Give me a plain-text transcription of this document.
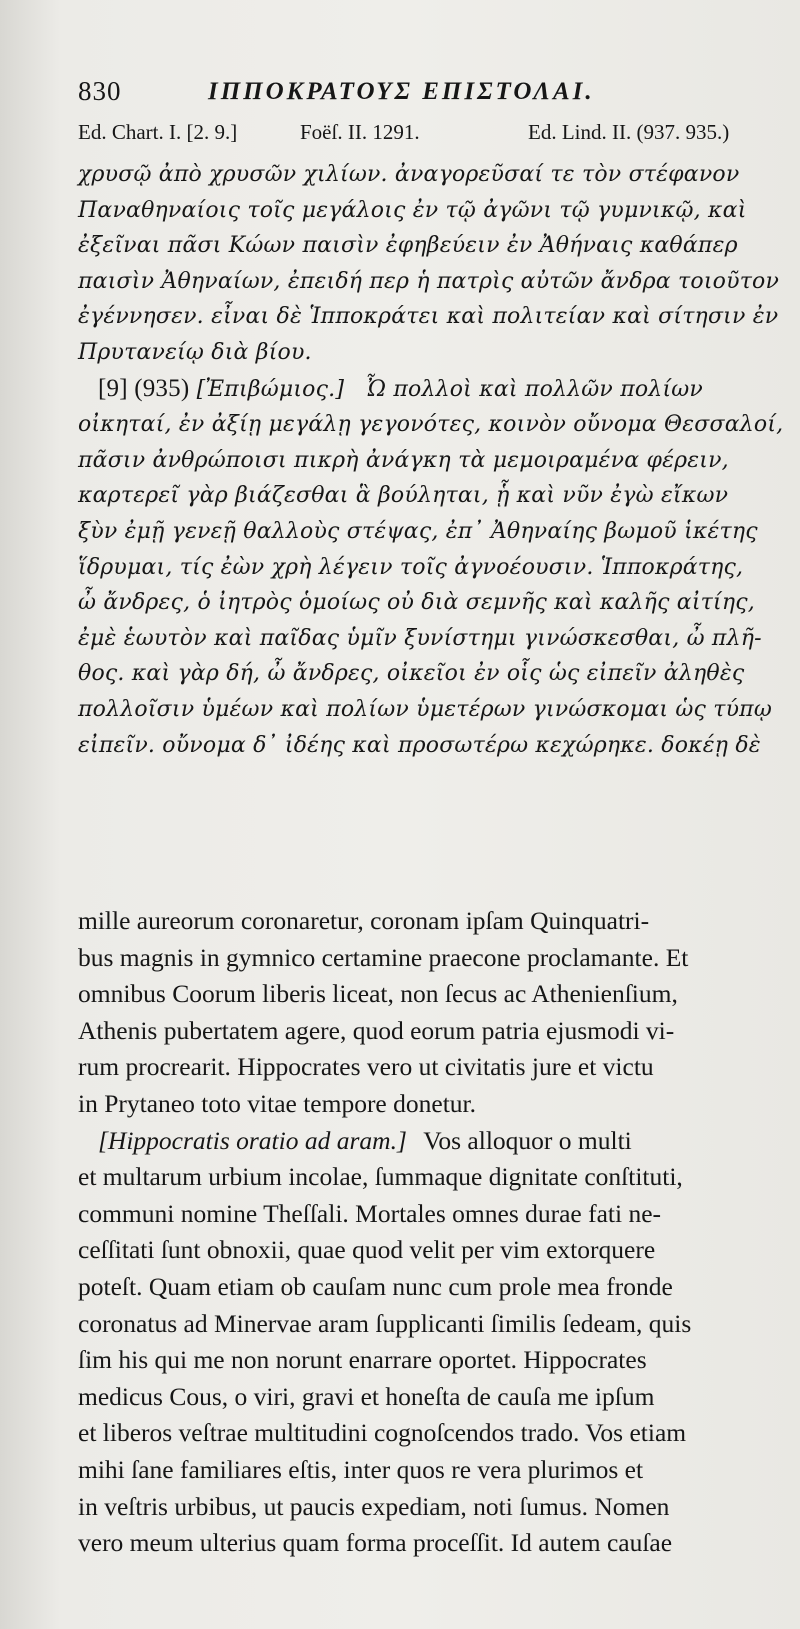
830	ΙΠΠΟΚΡΑΤΟΥΣ ΕΠΙΣΤΟΛΑΙ.
Ed. Chart. I. [2. 9.]	Foëſ. II. 1291.	Ed. Lind. II. (937. 935.)
χρυσῷ ἀπὸ χρυσῶν χιλίων. ἀναγορεῦσαί τε τὸν στέφανον
Παναθηναίοις τοῖς μεγάλοις ἐν τῷ ἀγῶνι τῷ γυμνικῷ, καὶ
ἐξεῖναι πᾶσι Κώων παισὶν ἐφηβεύειν ἐν Ἀθήναις καθάπερ
παισὶν Ἀθηναίων, ἐπειδή περ ἡ πατρὶς αὐτῶν ἄνδρα τοιοῦτον
ἐγέννησεν. εἶναι δὲ Ἱπποκράτει καὶ πολιτείαν καὶ σίτησιν ἐν
Πρυτανείῳ διὰ βίου.
[9] (935) [Ἐπιβώμιος.] Ὦ πολλοὶ καὶ πολλῶν πολίων
οἰκηταί, ἐν ἀξίῃ μεγάλῃ γεγονότες, κοινὸν οὔνομα Θεσσαλοί,
πᾶσιν ἀνθρώποισι πικρὴ ἀνάγκη τὰ μεμοιραμένα φέρειν,
καρτερεῖ γὰρ βιάζεσθαι ἃ βούληται, ᾗ καὶ νῦν ἐγὼ εἴκων
ξὺν ἐμῇ γενεῇ θαλλοὺς στέψας, ἐπ᾿ Ἀθηναίης βωμοῦ ἱκέτης
ἵδρυμαι, τίς ἐὼν χρὴ λέγειν τοῖς ἀγνοέουσιν. Ἱπποκράτης,
ὦ ἄνδρες, ὁ ἰητρὸς ὁμοίως οὐ διὰ σεμνῆς καὶ καλῆς αἰτίης,
ἐμὲ ἑωυτὸν καὶ παῖδας ὑμῖν ξυνίστημι γινώσκεσθαι, ὦ πλῆ-
θος. καὶ γὰρ δή, ὦ ἄνδρες, οἰκεῖοι ἐν οἷς ὡς εἰπεῖν ἀληθὲς
πολλοῖσιν ὑμέων καὶ πολίων ὑμετέρων γινώσκομαι ὡς τύπῳ
εἰπεῖν. οὔνομα δ᾿ ἰδέης καὶ προσωτέρω κεχώρηκε. δοκέῃ δὲ
mille aureorum coronaretur, coronam ipſam Quinquatri-
bus magnis in gymnico certamine praecone proclamante. Et
omnibus Coorum liberis liceat, non ſecus ac Athenienſium,
Athenis pubertatem agere, quod eorum patria ejusmodi vi-
rum procrearit. Hippocrates vero ut civitatis jure et victu
in Prytaneo toto vitae tempore donetur.
[Hippocratis oratio ad aram.] Vos alloquor o multi
et multarum urbium incolae, ſummaque dignitate conſtituti,
communi nomine Theſſali. Mortales omnes durae fati ne-
ceſſitati ſunt obnoxii, quae quod velit per vim extorquere
poteſt. Quam etiam ob cauſam nunc cum prole mea fronde
coronatus ad Minervae aram ſupplicanti ſimilis ſedeam, quis
ſim his qui me non norunt enarrare oportet. Hippocrates
medicus Cous, o viri, gravi et honeſta de cauſa me ipſum
et liberos veſtrae multitudini cognoſcendos trado. Vos etiam
mihi ſane familiares eſtis, inter quos re vera plurimos et
in veſtris urbibus, ut paucis expediam, noti ſumus. Nomen
vero meum ulterius quam forma proceſſit. Id autem cauſae
